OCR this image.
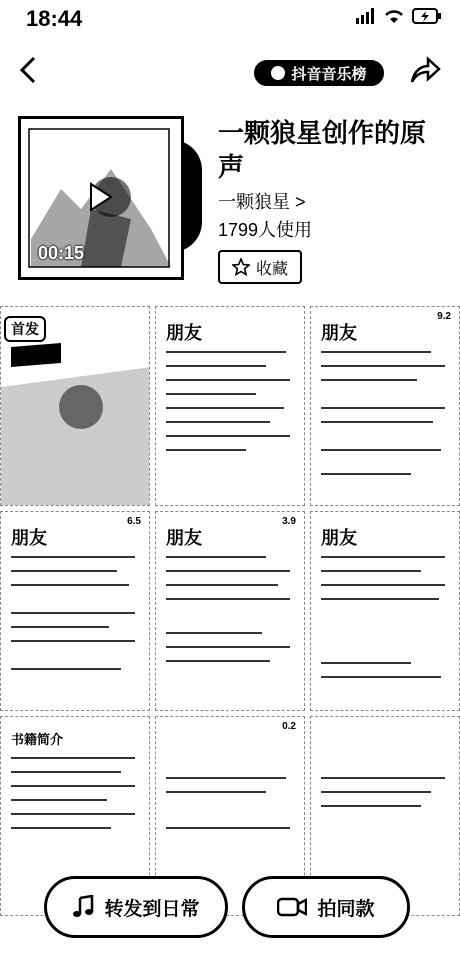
18:44
抖音音乐榜
00:15
一颗狼星创作的原声
一颗狼星 >
1799人使用
收藏
朋友	朋友
9.2
朋友
6.5
朋友
3.9
朋友
书籍简介
0.2
首发
转发到日常	拍同款
